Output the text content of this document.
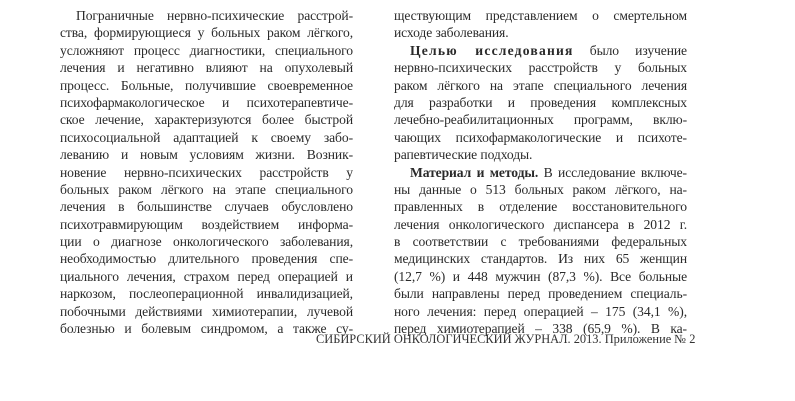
Пограничные нервно-психические расстрой-
ства, формирующиеся у больных раком лёгкого,
усложняют процесс диагностики, специального
лечения и негативно влияют на опухолевый
процесс. Больные, получившие своевременное
психофармакологическое и психотерапевтиче-
ское лечение, характеризуются более быстрой
психосоциальной адаптацией к своему забо-
леванию и новым условиям жизни. Возник-
новение нервно-психических расстройств у
больных раком лёгкого на этапе специального
лечения в большинстве случаев обусловлено
психотравмирующим воздействием информа-
ции о диагнозе онкологического заболевания,
необходимостью длительного проведения спе-
циального лечения, страхом перед операцией и
наркозом, послеоперационной инвалидизацией,
побочными действиями химиотерапии, лучевой
болезнью и болевым синдромом, а также су-
ществующим представлением о смертельном
исходе заболевания.
Целью исследования было изучение
нервно-психических расстройств у больных
раком лёгкого на этапе специального лечения
для разработки и проведения комплексных
лечебно-реабилитационных программ, вклю-
чающих психофармакологические и психоте-
рапевтические подходы.
Материал и методы. В исследование включе-
ны данные о 513 больных раком лёгкого, на-
правленных в отделение восстановительного
лечения онкологического диспансера в 2012 г.
в соответствии с требованиями федеральных
медицинских стандартов. Из них 65 женщин
(12,7 %) и 448 мужчин (87,3 %). Все больные
были направлены перед проведением специаль-
ного лечения: перед операцией – 175 (34,1 %),
перед химиотерапией – 338 (65,9 %). В ка-
СИБИРСКИЙ ОНКОЛОГИЧЕСКИЙ ЖУРНАЛ. 2013. Приложение № 2
